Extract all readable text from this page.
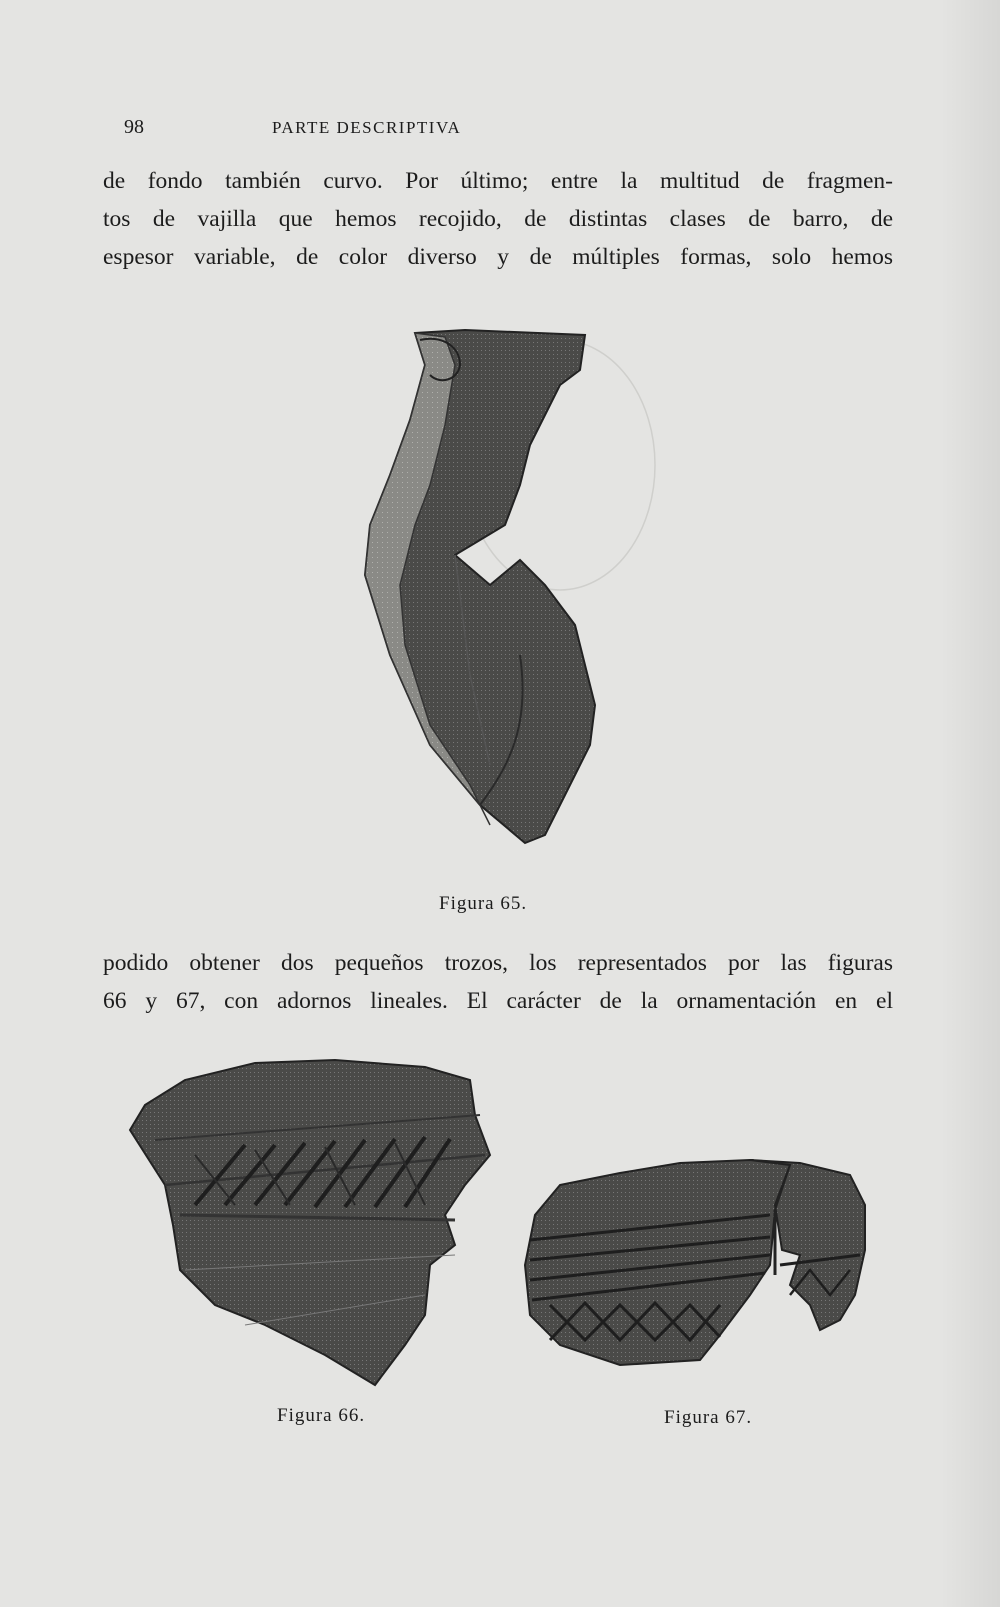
98	PARTE DESCRIPTIVA

de fondo también curvo. Por último; entre la multitud de fragmen-
tos de vajilla que hemos recojido, de distintas clases de barro, de
espesor variable, de color diverso y de múltiples formas, solo hemos

Figura 65.

podido obtener dos pequeños trozos, los representados por las figuras
66 y 67, con adornos lineales. El carácter de la ornamentación en el

Figura 66.	Figura 67.
